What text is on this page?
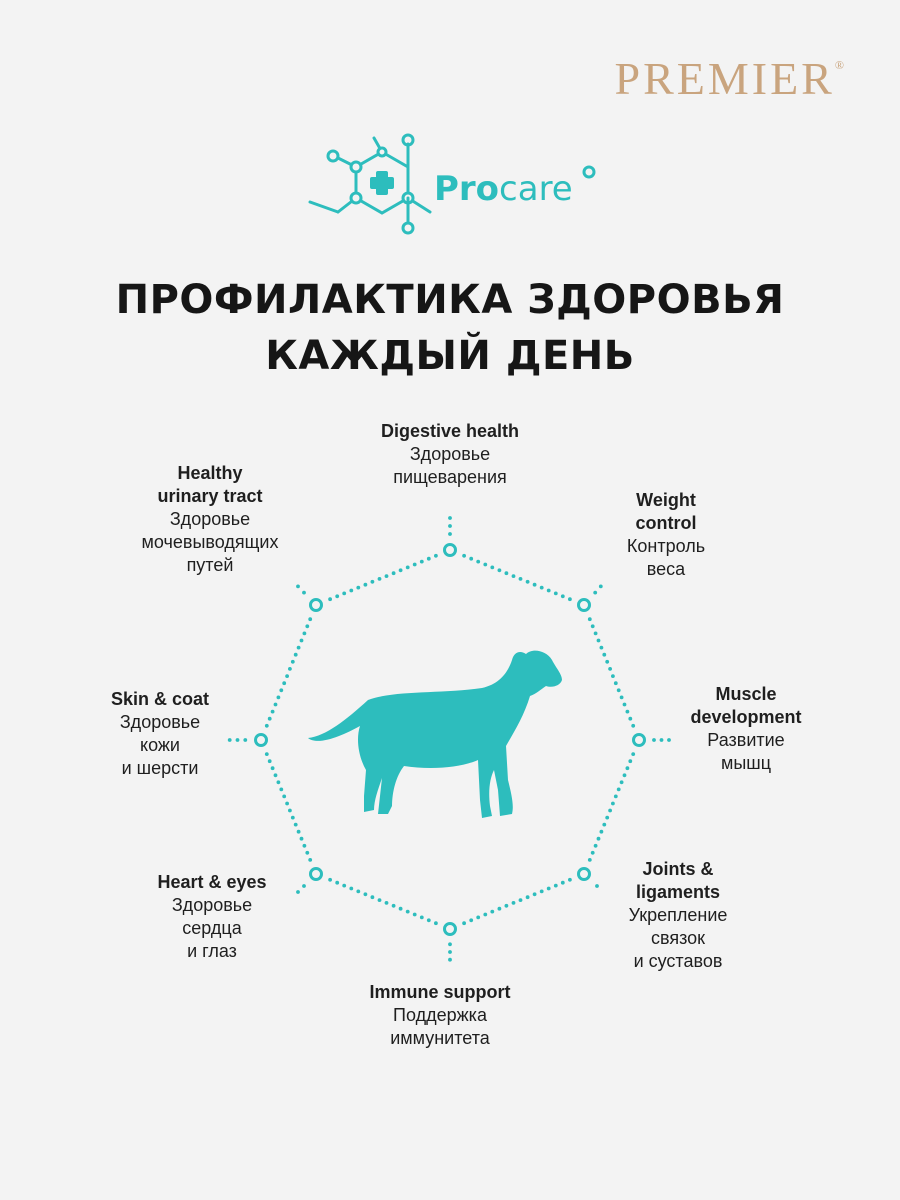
PREMIER®
Procare
ПРОФИЛАКТИКА ЗДОРОВЬЯ
КАЖДЫЙ ДЕНЬ
Digestive health
Здоровье
пищеварения
Weight
control
Контроль
веса
Muscle
development
Развитие
мышц
Joints &
ligaments
Укрепление
связок
и суставов
Immune support
Поддержка
иммунитета
Heart & eyes
Здоровье
сердца
и глаз
Skin & coat
Здоровье
кожи
и шерсти
Healthy
urinary tract
Здоровье
мочевыводящих
путей
